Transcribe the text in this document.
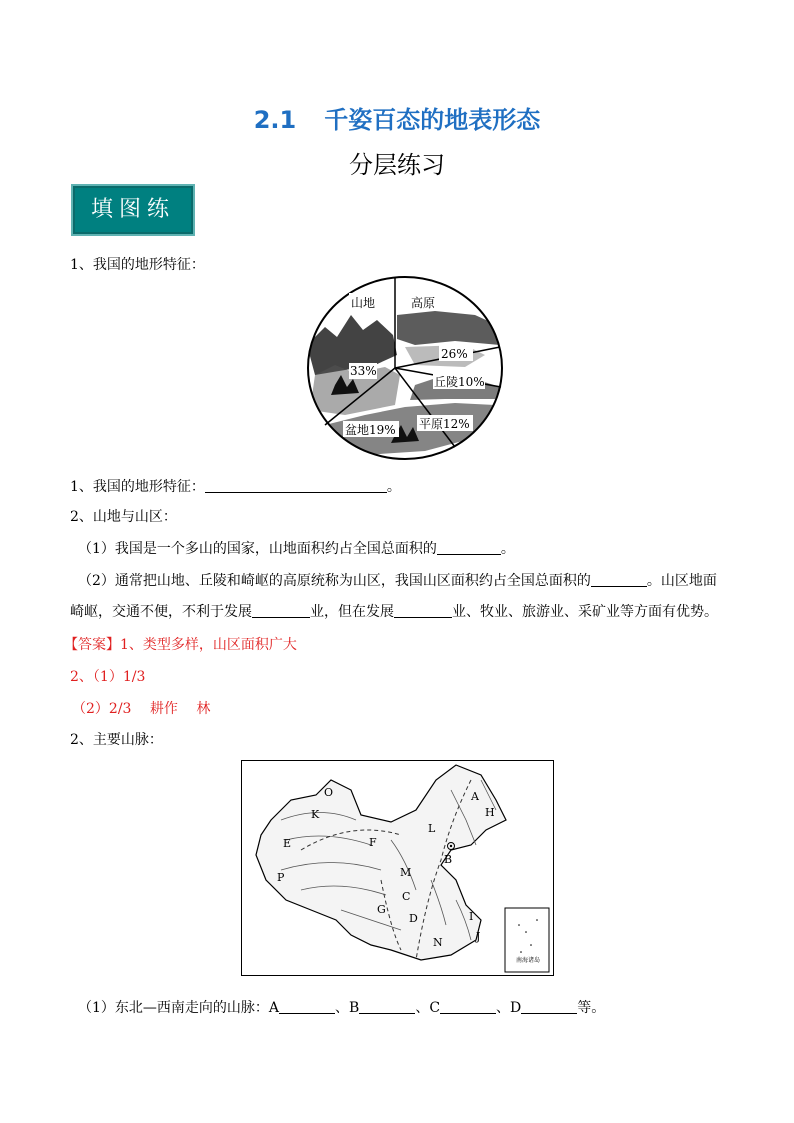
2.1 千姿百态的地表形态
分层练习
填图练
1、我国的地形特征：
山地	高原
26%
33%
丘陵 10%
盆地 19% 平原 12%
1、我国的地形特征：	。
2、山地与山区：
（1）我国是一个多山的国家，山地面积约占全国总面积的	。
（2）通常把山地、丘陵和崎岖的高原统称为山区，我国山区面积约占全国总面积的	。山区地面
崎岖，交通不便，不利于发展	业，但在发展	业、牧业、旅游业、采矿业等方面有优势。
【答案】1、类型多样，山区面积广大
2、（1）1/3
（2）2/3　 耕作　 林
2、主要山脉：
南海诸岛
A
B
C
D
E	F
G
H
I
J
K
L
M
N
O
P
（1）东北—西南走向的山脉：A	、B	、C	、D	等。
